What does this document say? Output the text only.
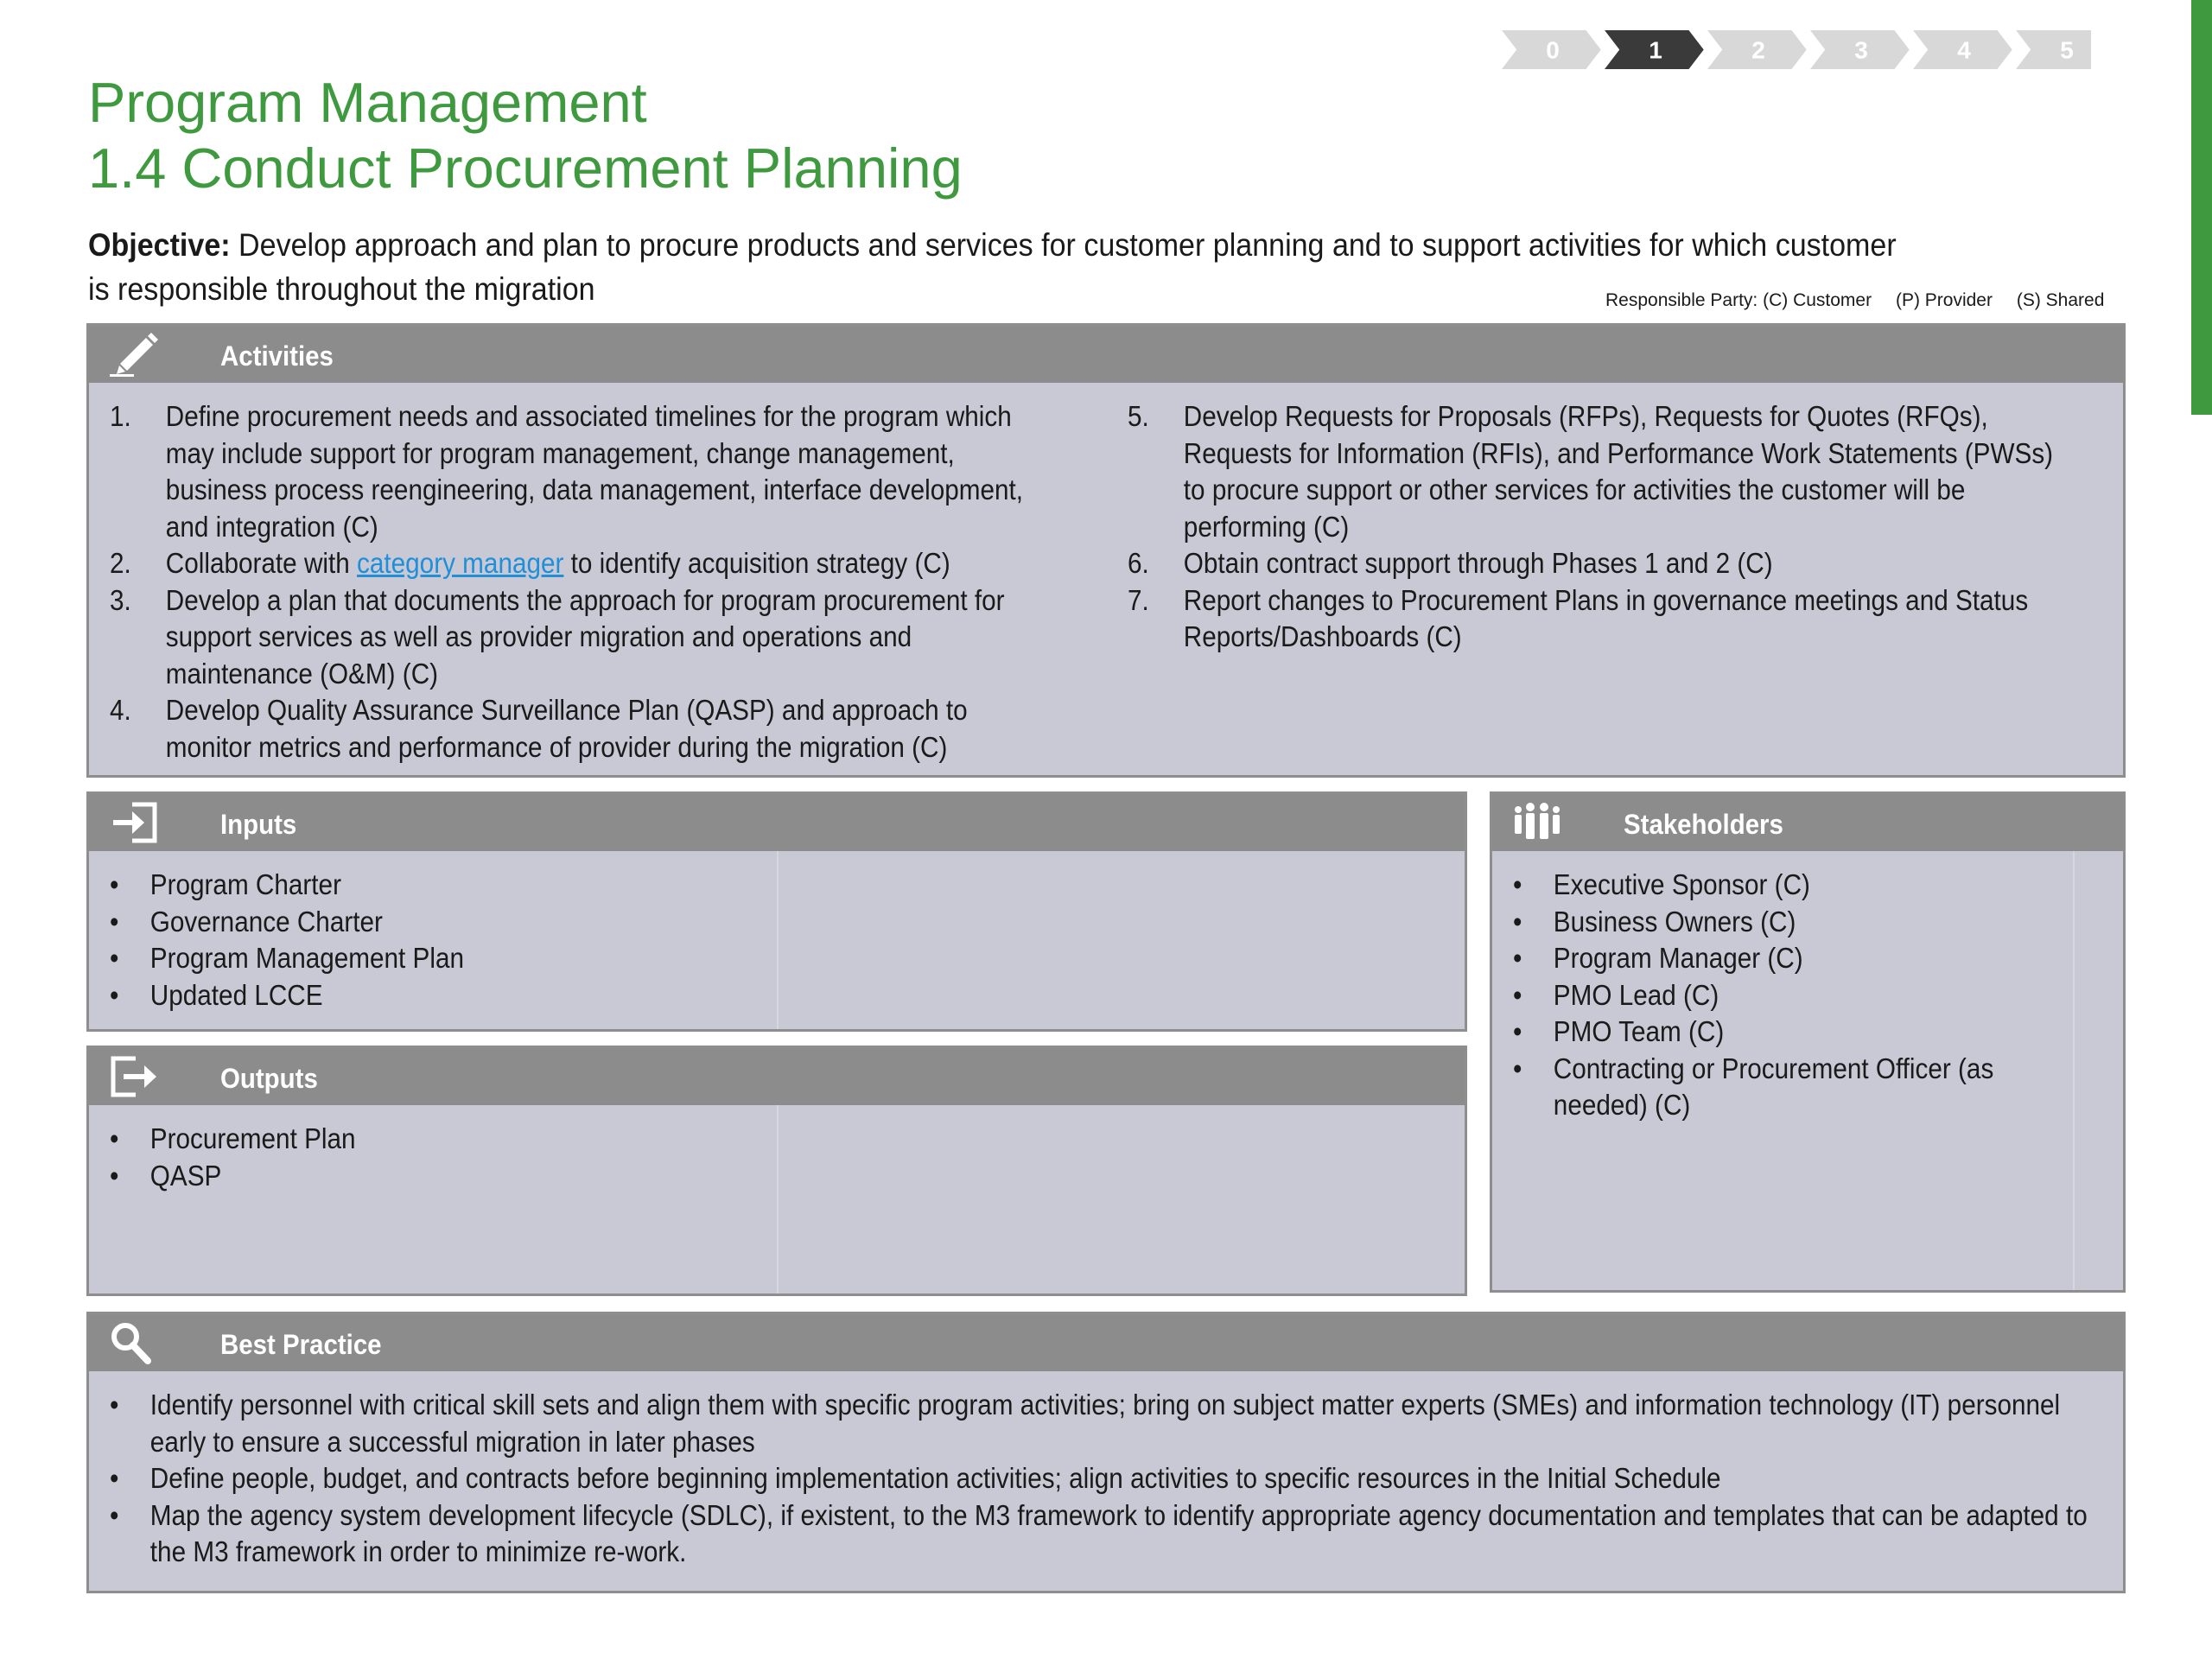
0	1	2	3	4	5
Program Management
1.4 Conduct Procurement Planning
Objective: Develop approach and plan to procure products and services for customer planning and to support activities for which customer is responsible throughout the migration	Responsible Party: (C) Customer (P) Provider (S) Shared
Activities
1. Define procurement needs and associated timelines for the program which may include support for program management, change management, business process reengineering, data management, interface development, and integration (C)
2. Collaborate with category manager to identify acquisition strategy (C)
3. Develop a plan that documents the approach for program procurement for support services as well as provider migration and operations and maintenance (O&M) (C)
4. Develop Quality Assurance Surveillance Plan (QASP) and approach to monitor metrics and performance of provider during the migration (C)
5. Develop Requests for Proposals (RFPs), Requests for Quotes (RFQs), Requests for Information (RFIs), and Performance Work Statements (PWSs) to procure support or other services for activities the customer will be performing (C)
6. Obtain contract support through Phases 1 and 2 (C)
7. Report changes to Procurement Plans in governance meetings and Status Reports/Dashboards (C)
Inputs
• Program Charter
• Governance Charter
• Program Management Plan
• Updated LCCE
Outputs
• Procurement Plan
• QASP
Stakeholders
• Executive Sponsor (C)
• Business Owners (C)
• Program Manager (C)
• PMO Lead (C)
• PMO Team (C)
• Contracting or Procurement Officer (as needed) (C)
Best Practice
• Identify personnel with critical skill sets and align them with specific program activities; bring on subject matter experts (SMEs) and information technology (IT) personnel early to ensure a successful migration in later phases
• Define people, budget, and contracts before beginning implementation activities; align activities to specific resources in the Initial Schedule
• Map the agency system development lifecycle (SDLC), if existent, to the M3 framework to identify appropriate agency documentation and templates that can be adapted to the M3 framework in order to minimize re-work.
